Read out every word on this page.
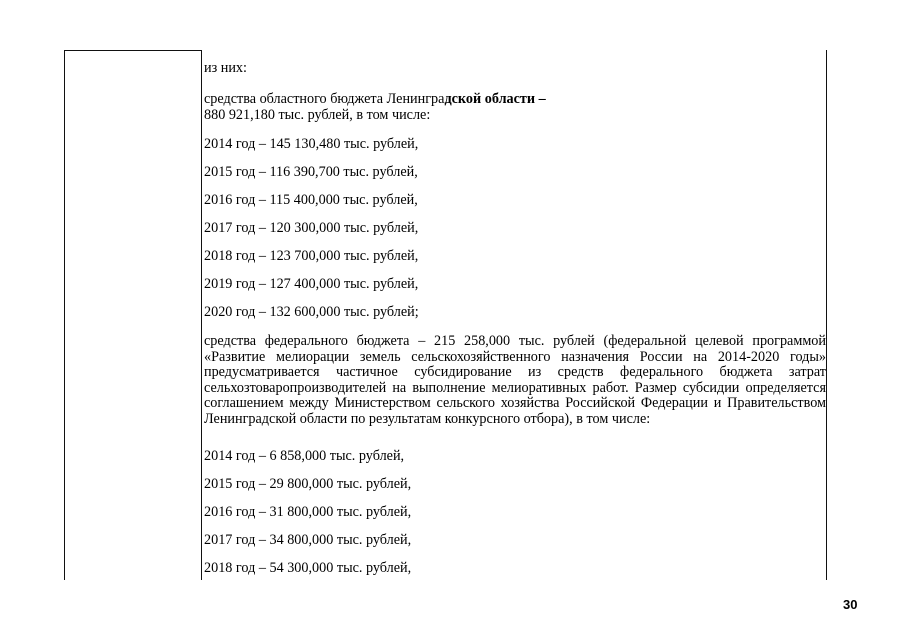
из них:
средства областного бюджета Ленинградской области –
880 921,180 тыс. рублей, в том числе:
2014 год – 145 130,480 тыс. рублей,
2015 год – 116 390,700 тыс. рублей,
2016 год – 115 400,000 тыс. рублей,
2017 год – 120 300,000 тыс. рублей,
2018 год – 123 700,000 тыс. рублей,
2019 год – 127 400,000 тыс. рублей,
2020 год – 132 600,000 тыс. рублей;
средства федерального бюджета – 215 258,000 тыс. рублей (федеральной целевой программой «Развитие мелиорации земель сельскохозяйственного назначения России на 2014-2020 годы» предусматривается частичное субсидирование из средств федерального бюджета затрат сельхозтоваропроизводителей на выполнение мелиоративных работ. Размер субсидии определяется соглашением между Министерством сельского хозяйства Российской Федерации и Правительством Ленинградской области по результатам конкурсного отбора), в том числе:
2014 год – 6 858,000 тыс. рублей,
2015 год – 29 800,000 тыс. рублей,
2016 год – 31 800,000 тыс. рублей,
2017 год – 34 800,000 тыс. рублей,
2018 год – 54 300,000 тыс. рублей,
30
